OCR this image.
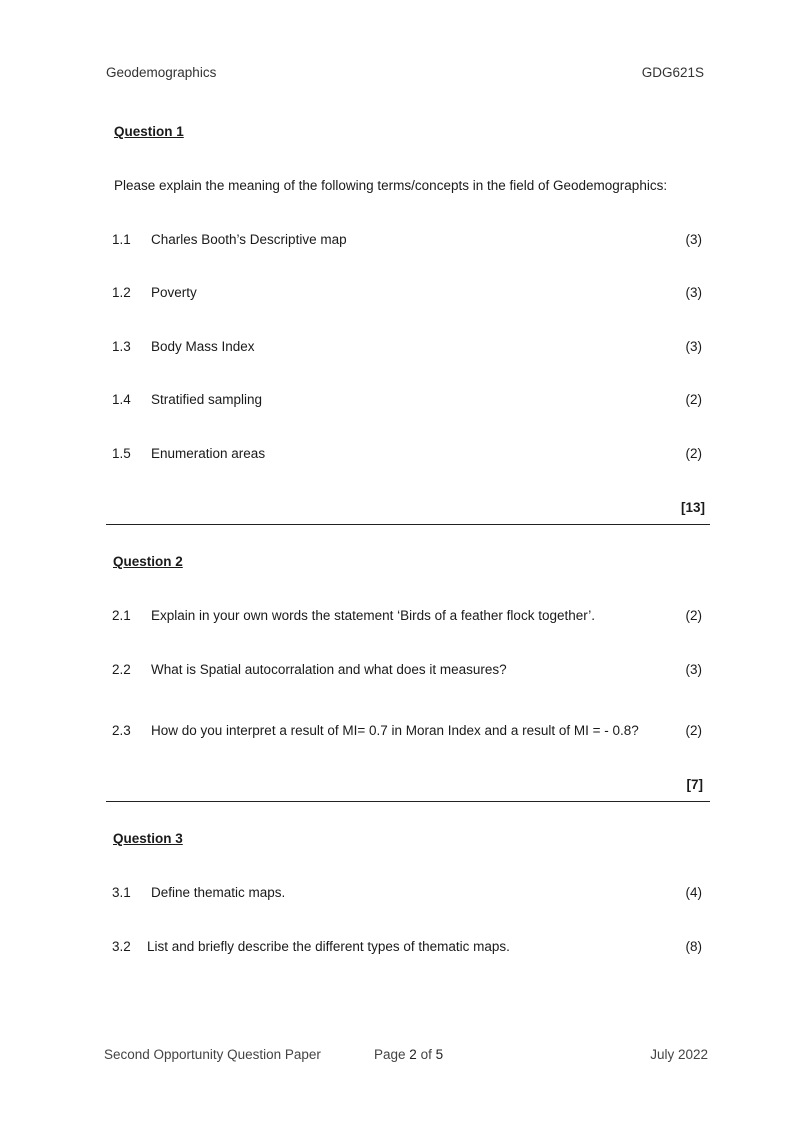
Geodemographics	GDG621S
Question 1
Please explain the meaning of the following terms/concepts in the field of Geodemographics:
1.1	Charles Booth’s Descriptive map	(3)
1.2	Poverty	(3)
1.3	Body Mass Index	(3)
1.4	Stratified sampling	(2)
1.5	Enumeration areas	(2)
[13]
Question 2
2.1	Explain in your own words the statement ‘Birds of a feather flock together’.	(2)
2.2	What is Spatial autocorralation and what does it measures?	(3)
2.3	How do you interpret a result of MI= 0.7 in Moran Index and a result of MI = - 0.8?	(2)
[7]
Question 3
3.1	Define thematic maps.	(4)
3.2	List and briefly describe the different types of thematic maps.	(8)
Second Opportunity Question Paper	Page 2 of 5	July 2022
